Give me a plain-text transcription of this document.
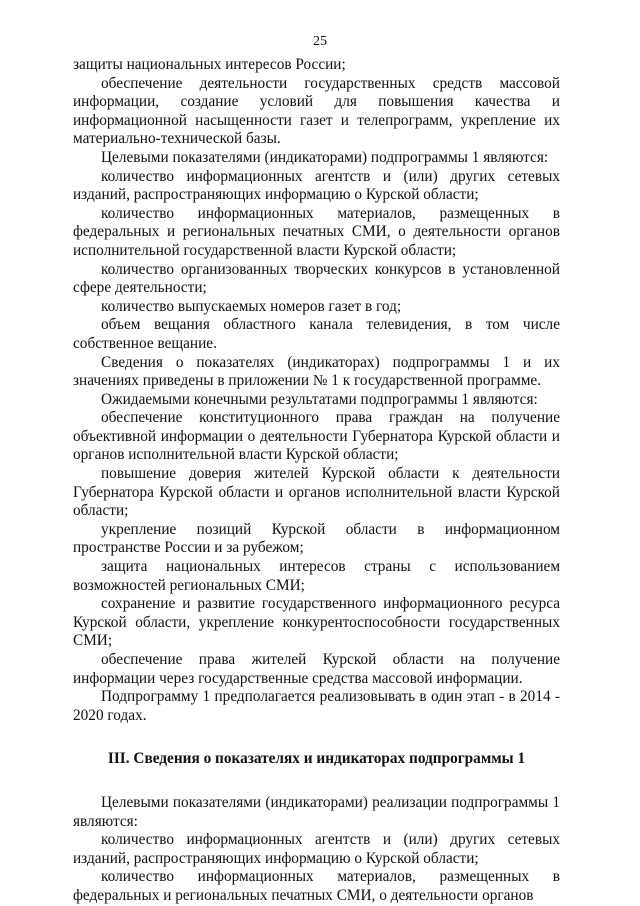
25

защиты национальных интересов России;

обеспечение деятельности государственных средств массовой информации, создание условий для повышения качества и информационной насыщенности газет и телепрограмм, укрепление их материально-технической базы.

Целевыми показателями (индикаторами) подпрограммы 1 являются:

количество информационных агентств и (или) других сетевых изданий, распространяющих информацию о Курской области;

количество информационных материалов, размещенных в федеральных и региональных печатных СМИ, о деятельности органов исполнительной государственной власти Курской области;

количество организованных творческих конкурсов в установленной сфере деятельности;

количество выпускаемых номеров газет в год;

объем вещания областного канала телевидения, в том числе собственное вещание.

Сведения о показателях (индикаторах) подпрограммы 1 и их значениях приведены в приложении № 1 к государственной программе.

Ожидаемыми конечными результатами подпрограммы 1 являются:

обеспечение конституционного права граждан на получение объективной информации о деятельности Губернатора Курской области и органов исполнительной власти Курской области;

повышение доверия жителей Курской области к деятельности Губернатора Курской области и органов исполнительной власти Курской области;

укрепление позиций Курской области в информационном пространстве России и за рубежом;

защита национальных интересов страны с использованием возможностей региональных СМИ;

сохранение и развитие государственного информационного ресурса Курской области, укрепление конкурентоспособности государственных СМИ;

обеспечение права жителей Курской области на получение информации через государственные средства массовой информации.

Подпрограмму 1 предполагается реализовывать в один этап - в 2014 - 2020 годах.

III. Сведения о показателях и индикаторах подпрограммы 1

Целевыми показателями (индикаторами) реализации подпрограммы 1 являются:

количество информационных агентств и (или) других сетевых изданий, распространяющих информацию о Курской области;

количество информационных материалов, размещенных в федеральных и региональных печатных СМИ, о деятельности органов
